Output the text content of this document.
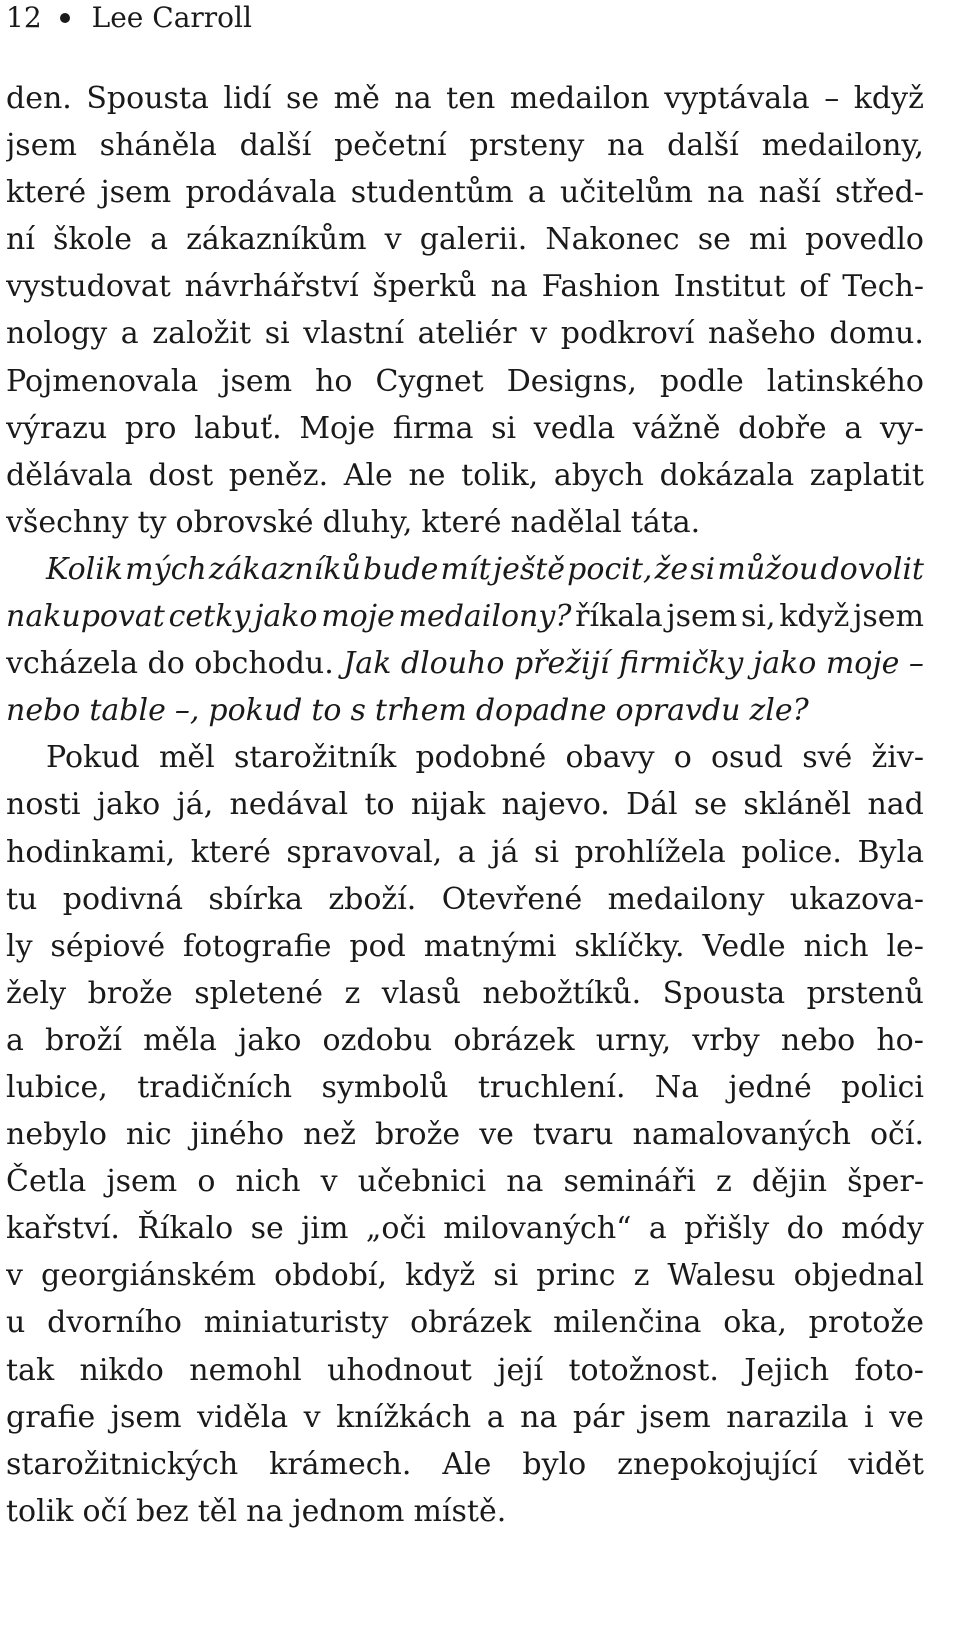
12 Lee Carroll
den. Spousta lidí se mě na ten medailon vyptávala – když
jsem sháněla další pečetní prsteny na další medailony,
které jsem prodávala studentům a učitelům na naší střed-
ní škole a zákazníkům v galerii. Nakonec se mi povedlo
vystudovat návrhářství šperků na Fashion Institut of Tech-
nology a založit si vlastní ateliér v podkroví našeho domu.
Pojmenovala jsem ho Cygnet Designs, podle latinského
výrazu pro labuť. Moje firma si vedla vážně dobře a vy-
dělávala dost peněz. Ale ne tolik, abych dokázala zaplatit
všechny ty obrovské dluhy, které nadělal táta.
Kolik mých zákazníků bude mít ještě pocit, že si můžou dovolit
nakupovat cetky jako moje medailony? říkala jsem si, když jsem
vcházela do obchodu. Jak dlouho přežijí firmičky jako moje –
nebo table –, pokud to s trhem dopadne opravdu zle?
Pokud měl starožitník podobné obavy o osud své živ-
nosti jako já, nedával to nijak najevo. Dál se skláněl nad
hodinkami, které spravoval, a já si prohlížela police. Byla
tu podivná sbírka zboží. Otevřené medailony ukazova-
ly sépiové fotografie pod matnými sklíčky. Vedle nich le-
žely brože spletené z vlasů nebožtíků. Spousta prstenů
a broží měla jako ozdobu obrázek urny, vrby nebo ho-
lubice, tradičních symbolů truchlení. Na jedné polici
nebylo nic jiného než brože ve tvaru namalovaných očí.
Četla jsem o nich v učebnici na semináři z dějin šper-
kařství. Říkalo se jim „oči milovaných“ a přišly do módy
v georgiánském období, když si princ z Walesu objednal
u dvorního miniaturisty obrázek milenčina oka, protože
tak nikdo nemohl uhodnout její totožnost. Jejich foto-
grafie jsem viděla v knížkách a na pár jsem narazila i ve
starožitnických krámech. Ale bylo znepokojující vidět
tolik očí bez těl na jednom místě.
